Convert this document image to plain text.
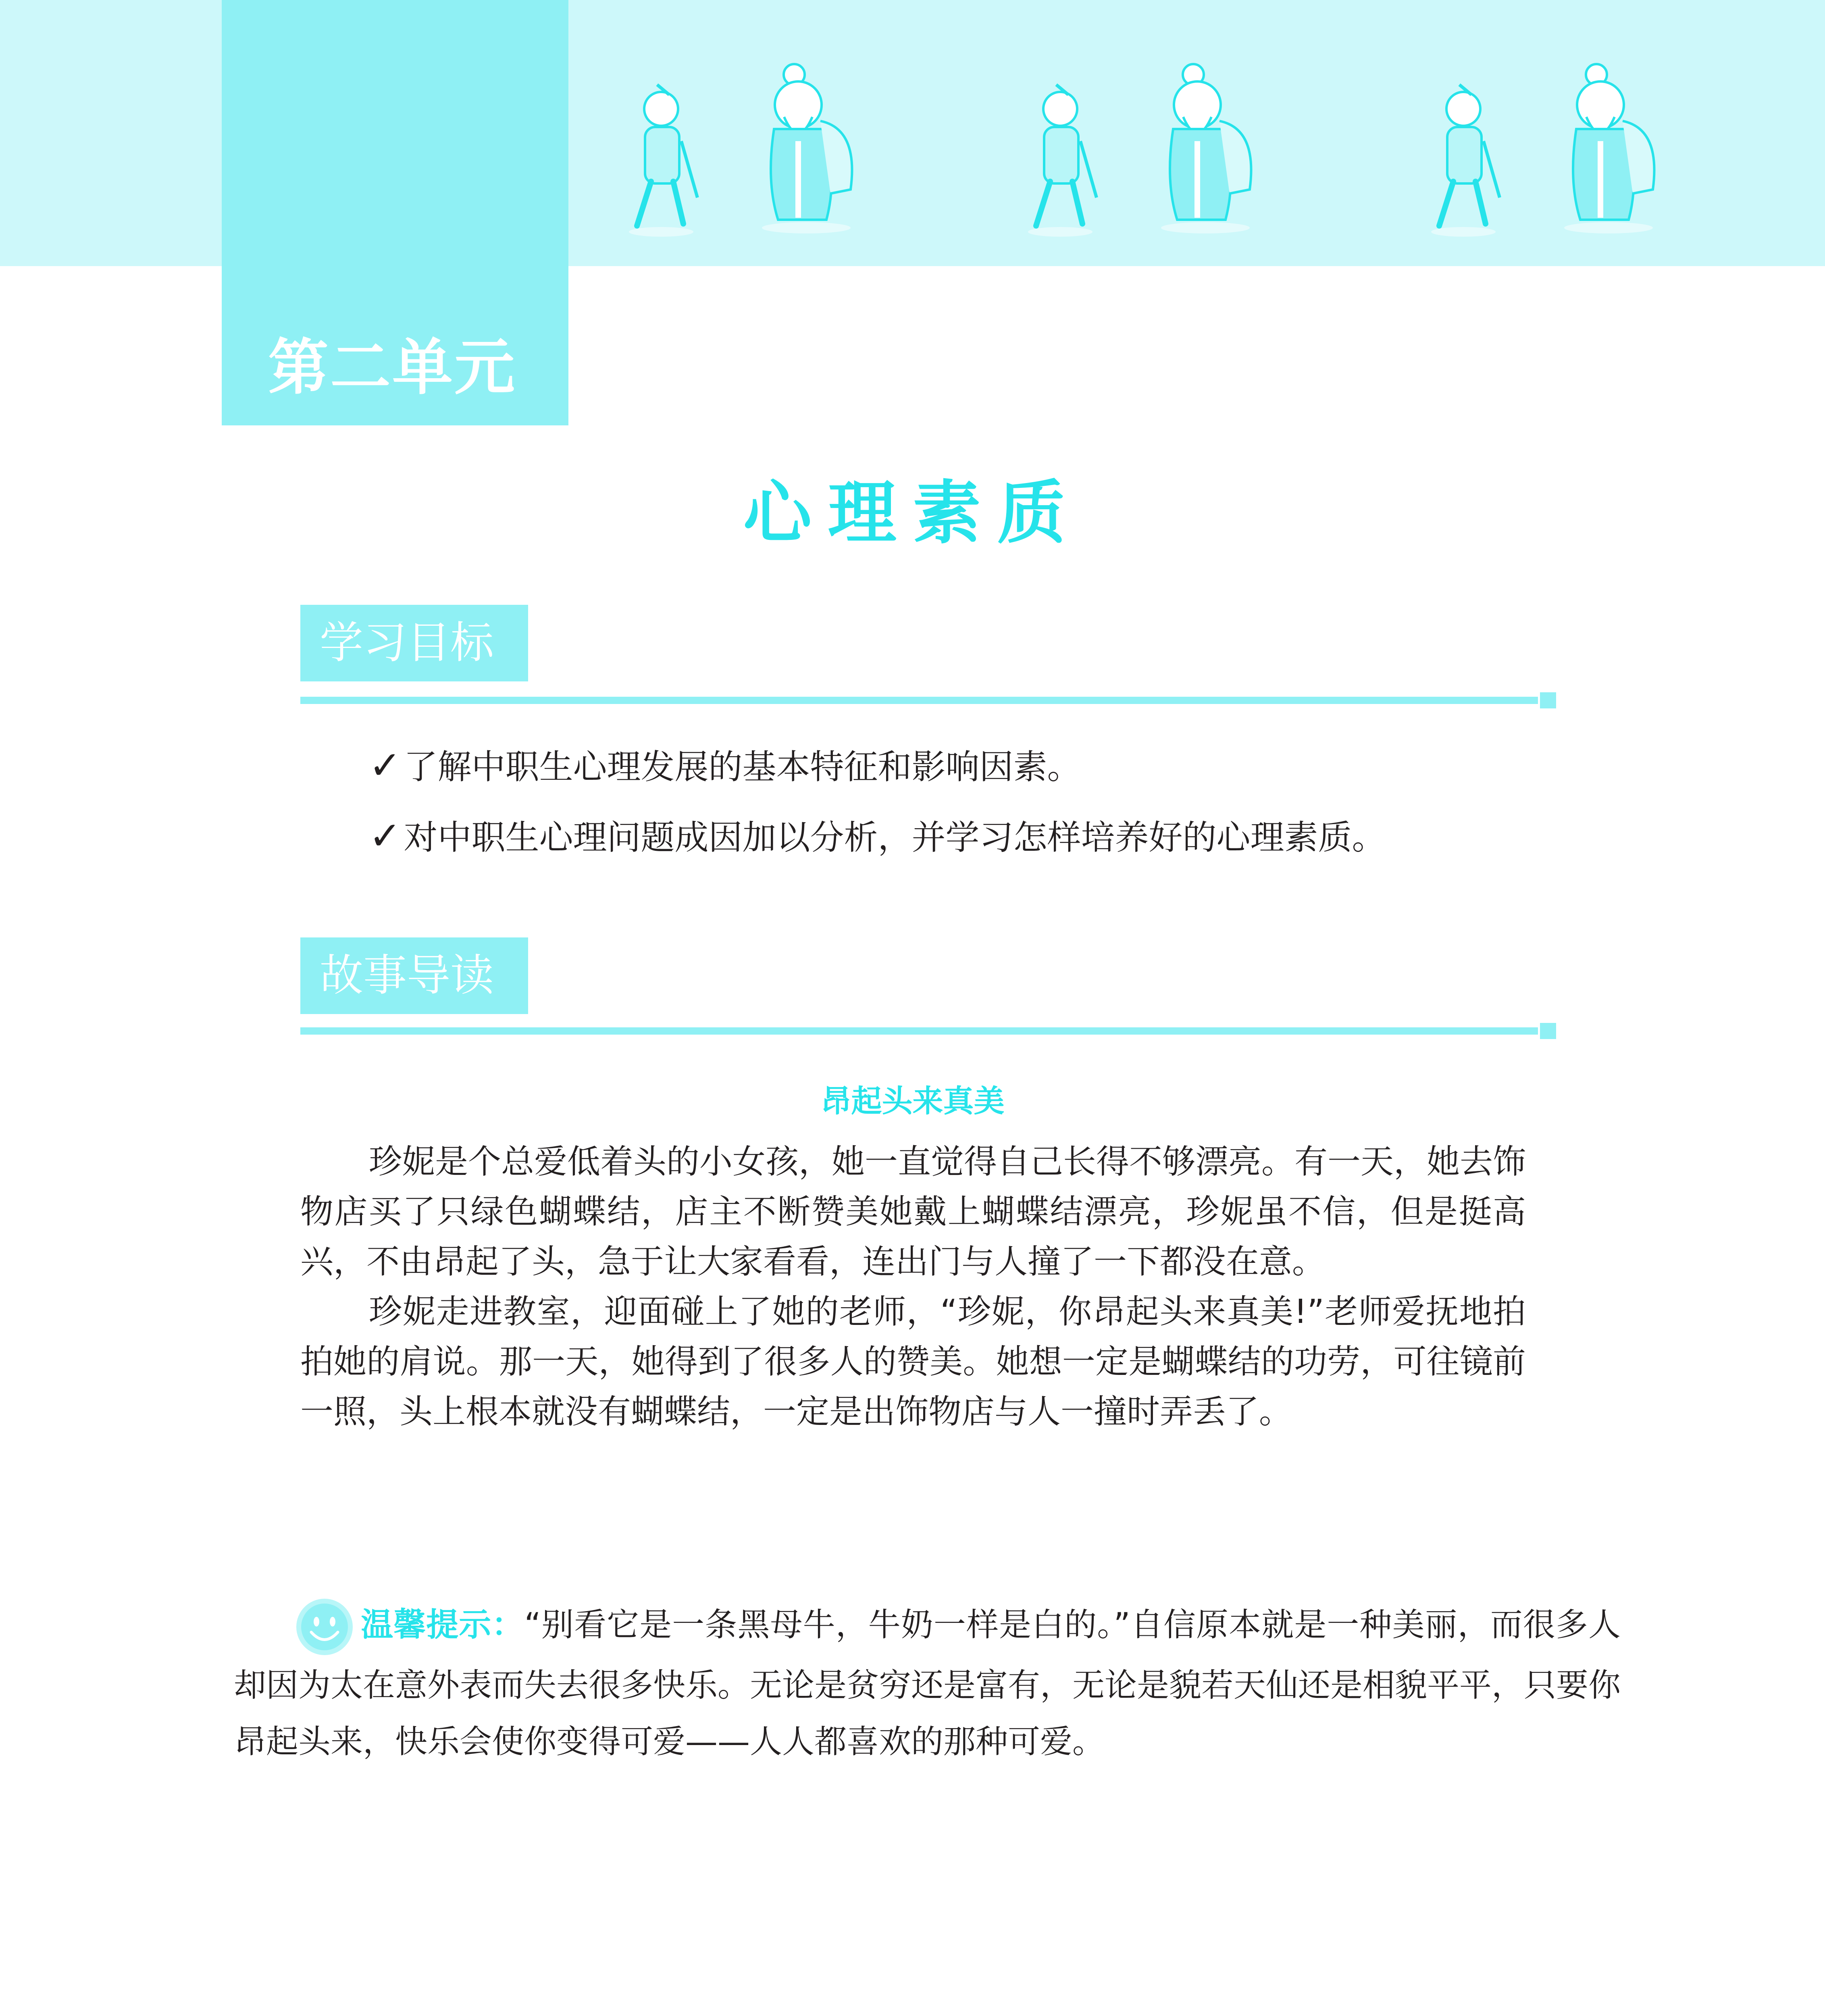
第二单元
心理素质
学习目标
✓了解中职生心理发展的基本特征和影响因素。
✓对中职生心理问题成因加以分析，并学习怎样培养好的心理素质。
故事导读
昂起头来真美

珍妮是个总爱低着头的小女孩，她一直觉得自己长得不够漂亮。有一天，她去饰物店买了只绿色蝴蝶结，店主不断赞美她戴上蝴蝶结漂亮，珍妮虽不信，但是挺高兴，不由昂起了头，急于让大家看看，连出门与人撞了一下都没在意。

珍妮走进教室，迎面碰上了她的老师，“珍妮，你昂起头来真美!”老师爱抚地拍拍她的肩说。那一天，她得到了很多人的赞美。她想一定是蝴蝶结的功劳，可往镜前一照，头上根本就没有蝴蝶结，一定是出饰物店与人一撞时弄丢了。

温馨提示：“别看它是一条黑母牛，牛奶一样是白的。”自信原本就是一种美丽，而很多人却因为太在意外表而失去很多快乐。无论是贫穷还是富有，无论是貌若天仙还是相貌平平，只要你昂起头来，快乐会使你变得可爱——人人都喜欢的那种可爱。
